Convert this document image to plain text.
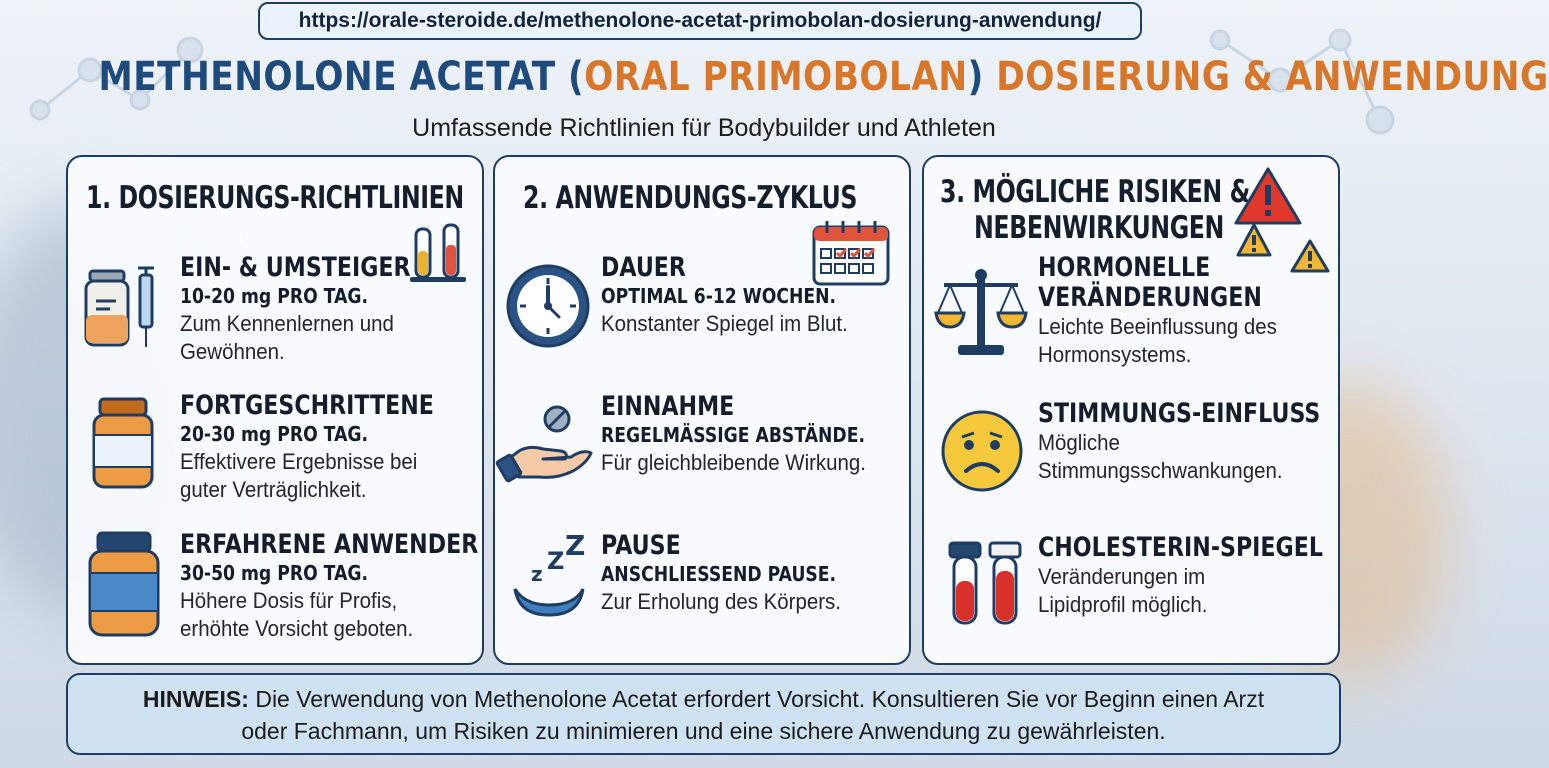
https://orale-steroide.de/methenolone-acetat-primobolan-dosierung-anwendung/
METHENOLONE ACETAT (ORAL PRIMOBOLAN) DOSIERUNG & ANWENDUNG
Umfassende Richtlinien für Bodybuilder und Athleten
1. DOSIERUNGS-RICHTLINIEN
EIN- & UMSTEIGER
10-20 mg PRO TAG.
Zum Kennenlernen und
Gewöhnen.
FORTGESCHRITTENE
20-30 mg PRO TAG.
Effektivere Ergebnisse bei
guter Verträglichkeit.
ERFAHRENE ANWENDER
30-50 mg PRO TAG.
Höhere Dosis für Profis,
erhöhte Vorsicht geboten.
2. ANWENDUNGS-ZYKLUS
DAUER
OPTIMAL 6-12 WOCHEN.
Konstanter Spiegel im Blut.
EINNAHME
REGELMÄSSIGE ABSTÄNDE.
Für gleichbleibende Wirkung.
z Z Z PAUSE
ANSCHLIESSEND PAUSE.
Zur Erholung des Körpers.
3. MÖGLICHE RISIKEN &
NEBENWIRKUNGEN
HORMONELLE
VERÄNDERUNGEN
Leichte Beeinflussung des
Hormonsystems.
STIMMUNGS-EINFLUSS
Mögliche
Stimmungsschwankungen.
CHOLESTERIN-SPIEGEL
Veränderungen im
Lipidprofil möglich.
HINWEIS: Die Verwendung von Methenolone Acetat erfordert Vorsicht. Konsultieren Sie vor Beginn einen Arzt
oder Fachmann, um Risiken zu minimieren und eine sichere Anwendung zu gewährleisten.
